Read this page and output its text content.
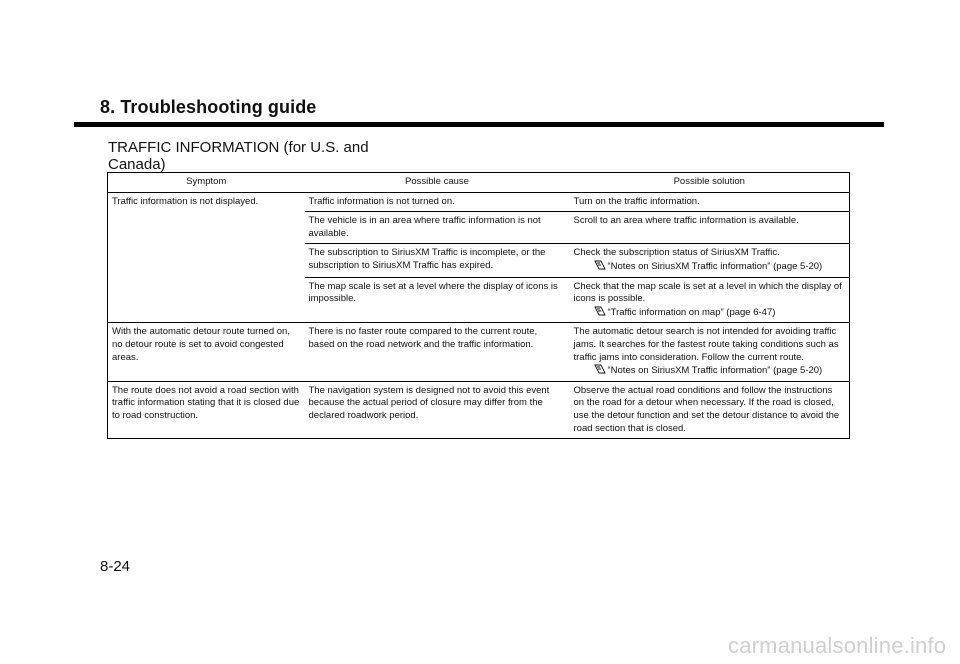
8. Troubleshooting guide
TRAFFIC INFORMATION (for U.S. and Canada)
Symptom	Possible cause	Possible solution
Traffic information is not displayed.	Traffic information is not turned on.	Turn on the traffic information.
	The vehicle is in an area where traffic information is not available.	Scroll to an area where traffic information is available.
	The subscription to SiriusXM Traffic is incomplete, or the subscription to SiriusXM Traffic has expired.	Check the subscription status of SiriusXM Traffic.
“Notes on SiriusXM Traffic information” (page 5-20)

	The map scale is set at a level where the display of icons is impossible.	Check that the map scale is set at a level in which the display of icons is possible.
“Traffic information on map” (page 6-47)

With the automatic detour route turned on, no detour route is set to avoid congested areas.	There is no faster route compared to the current route, based on the road network and the traffic information.	The automatic detour search is not intended for avoiding traffic jams. It searches for the fastest route taking conditions such as traffic jams into consideration. Follow the current route.
“Notes on SiriusXM Traffic information” (page 5-20)

The route does not avoid a road section with traffic information stating that it is closed due to road construction.	The navigation system is designed not to avoid this event because the actual period of closure may differ from the declared roadwork period.	Observe the actual road conditions and follow the instructions on the road for a detour when necessary. If the road is closed, use the detour function and set the detour distance to avoid the road section that is closed.

8-24

carmanualsonline.info
